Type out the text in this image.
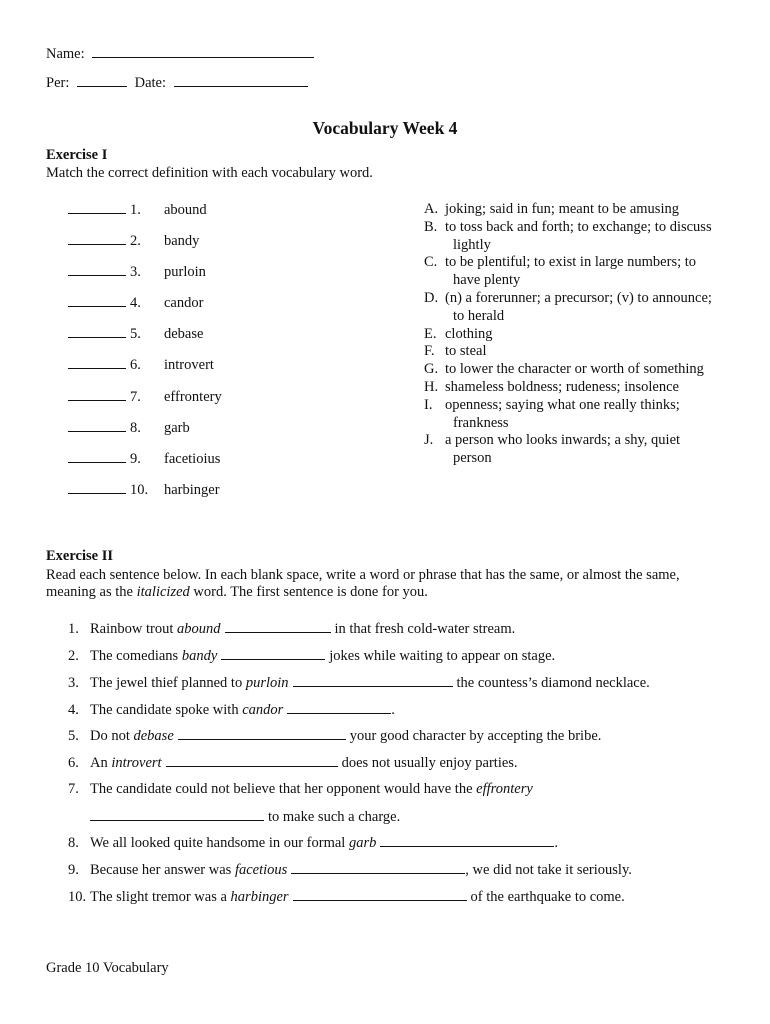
Name:
Per:	Date:
Vocabulary Week 4
Exercise I
Match the correct definition with each vocabulary word.
1. abound
2. bandy
3. purloin
4. candor
5. debase
6. introvert
7. effrontery
8. garb
9. facetioius
10. harbinger
A. joking; said in fun; meant to be amusing
B. to toss back and forth; to exchange; to discuss
lightly
C. to be plentiful; to exist in large numbers; to
have plenty
D. (n) a forerunner; a precursor; (v) to announce;
to herald
E. clothing
F. to steal
G. to lower the character or worth of something
H. shameless boldness; rudeness; insolence
I. openness; saying what one really thinks;
frankness
J. a person who looks inwards; a shy, quiet
person
Exercise II
Read each sentence below. In each blank space, write a word or phrase that has the same, or almost the same,
meaning as the italicized word. The first sentence is done for you.
1. Rainbow trout abound	in that fresh cold-water stream.
2. The comedians bandy	jokes while waiting to appear on stage.
3. The jewel thief planned to purloin	the countess’s diamond necklace.
4. The candidate spoke with candor	.
5. Do not debase	your good character by accepting the bribe.
6. An introvert	does not usually enjoy parties.
7. The candidate could not believe that her opponent would have the effrontery
to make such a charge.
8. We all looked quite handsome in our formal garb	.
9. Because her answer was facetious	, we did not take it seriously.
10. The slight tremor was a harbinger	of the earthquake to come.
Grade 10 Vocabulary
